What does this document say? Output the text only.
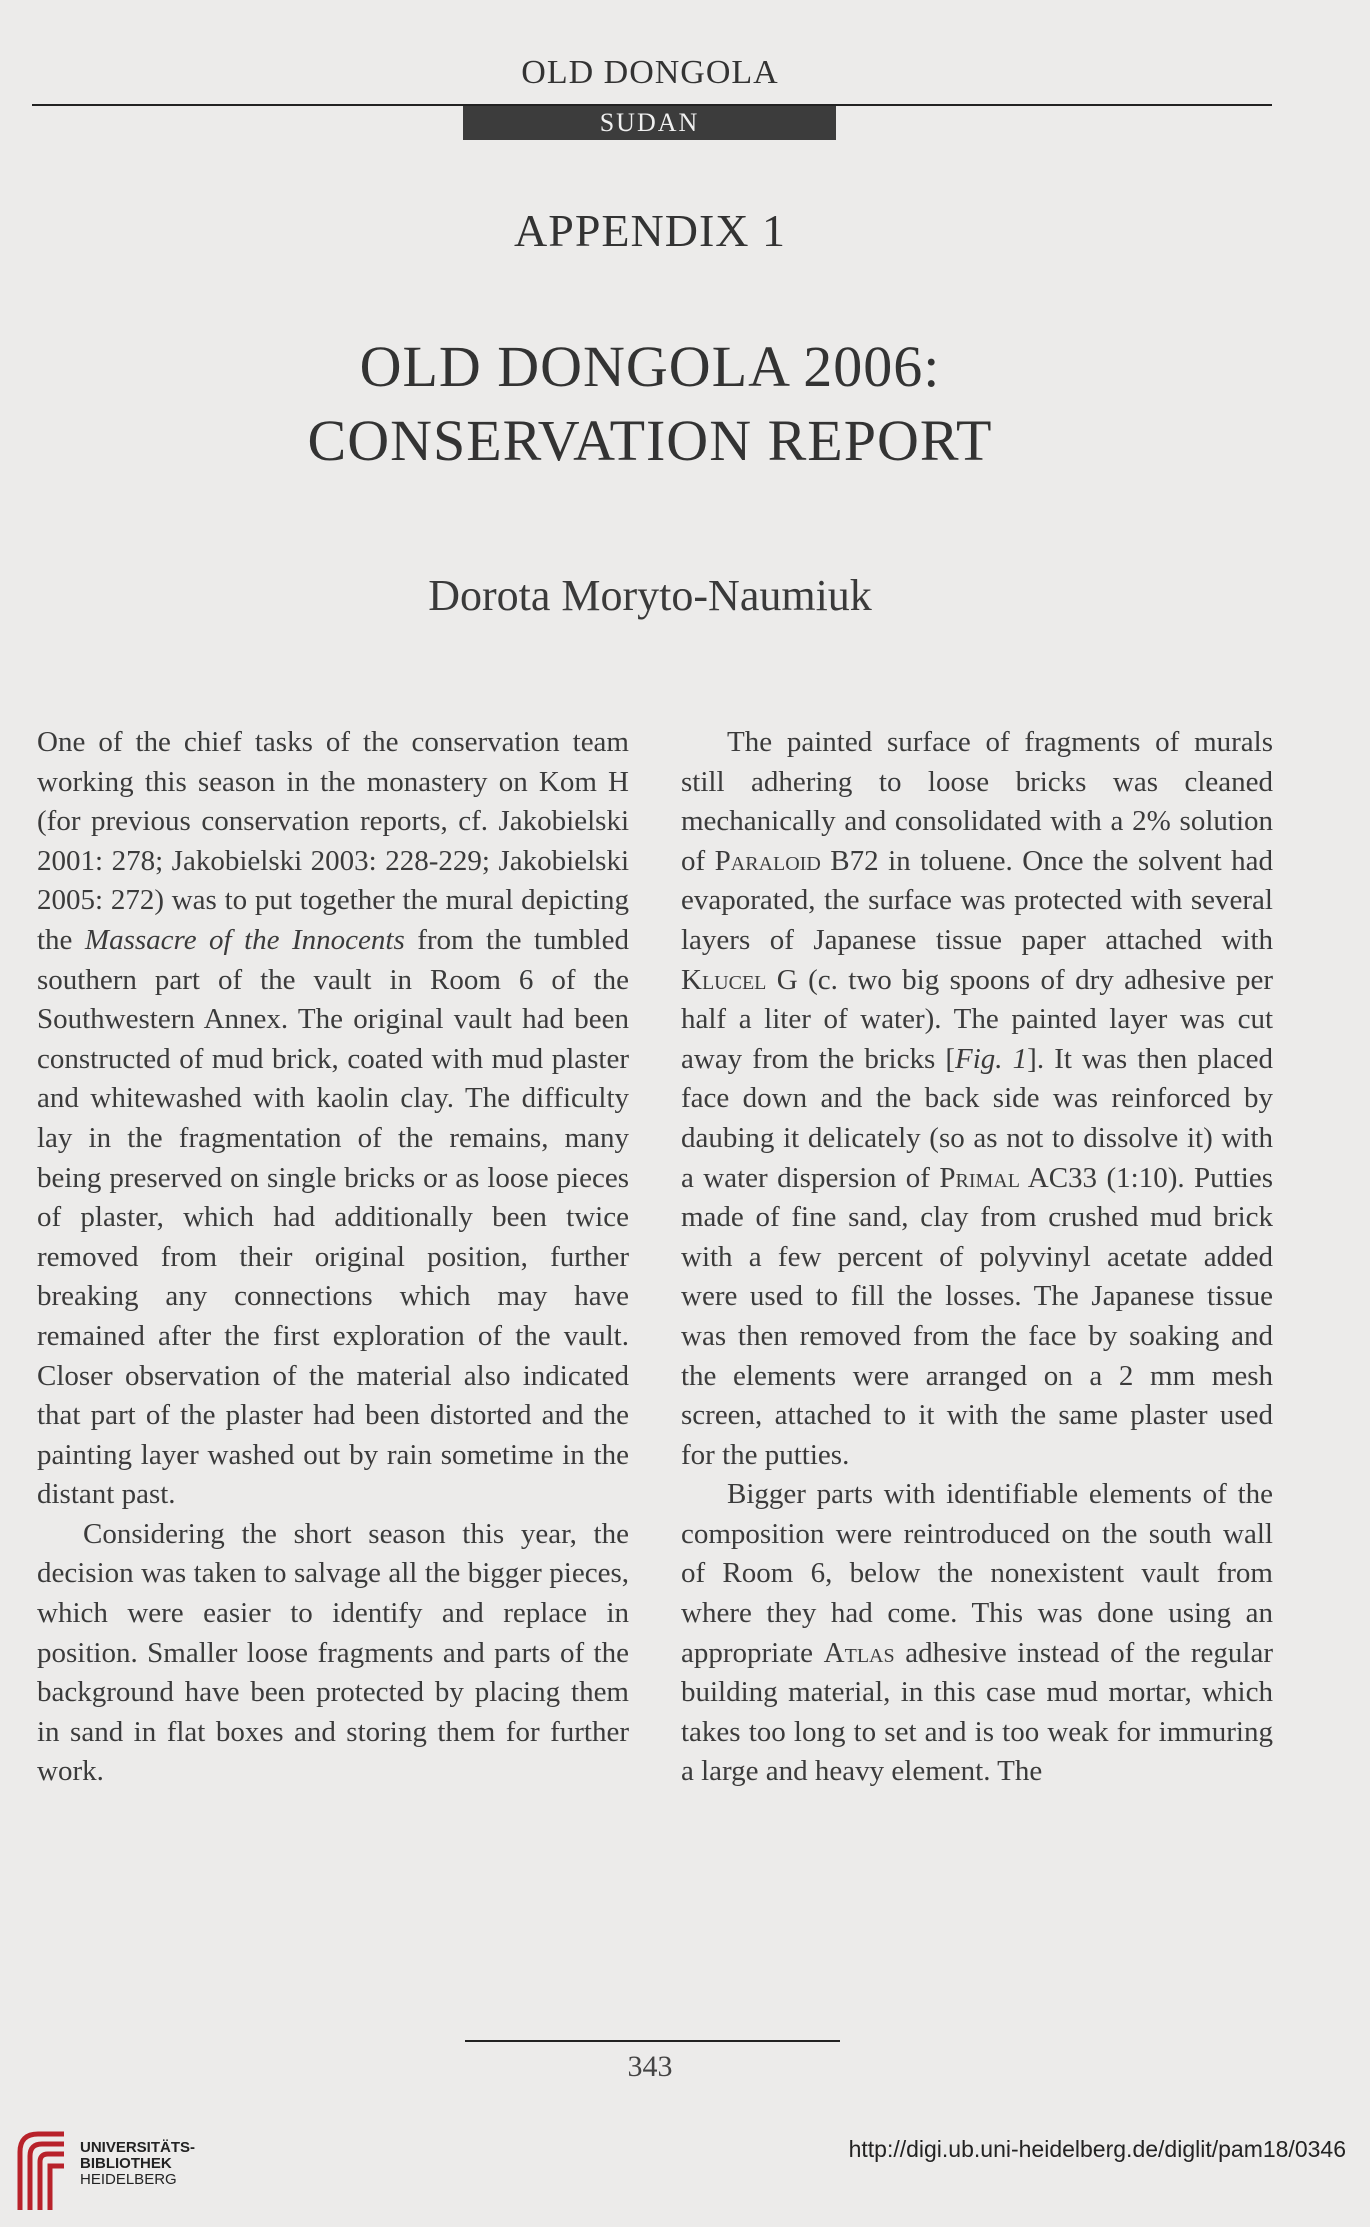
OLD DONGOLA
SUDAN
APPENDIX 1
OLD DONGOLA 2006:
CONSERVATION REPORT
Dorota Moryto-Naumiuk

One of the chief tasks of the conservation team working this season in the monastery on Kom H (for previous conservation reports, cf. Jakobielski 2001: 278; Jakobielski 2003: 228-229; Jakobielski 2005: 272) was to put together the mural depicting the Massacre of the Innocents from the tumbled southern part of the vault in Room 6 of the Southwestern Annex. The original vault had been constructed of mud brick, coated with mud plaster and whitewashed with kaolin clay. The difficulty lay in the fragmentation of the remains, many being preserved on single bricks or as loose pieces of plaster, which had additionally been twice removed from their original position, further breaking any connections which may have remained after the first exploration of the vault. Closer observation of the material also indicated that part of the plaster had been distorted and the painting layer washed out by rain sometime in the distant past.

Considering the short season this year, the decision was taken to salvage all the bigger pieces, which were easier to identify and replace in position. Smaller loose fragments and parts of the background have been protected by placing them in sand in flat boxes and storing them for further work.

The painted surface of fragments of murals still adhering to loose bricks was cleaned mechanically and consolidated with a 2% solution of Paraloid B72 in toluene. Once the solvent had evaporated, the surface was protected with several layers of Japanese tissue paper attached with Klucel G (c. two big spoons of dry adhesive per half a liter of water). The painted layer was cut away from the bricks [Fig. 1]. It was then placed face down and the back side was reinforced by daubing it delicately (so as not to dissolve it) with a water dispersion of Primal AC33 (1:10). Putties made of fine sand, clay from crushed mud brick with a few percent of polyvinyl acetate added were used to fill the losses. The Japanese tissue was then removed from the face by soaking and the elements were arranged on a 2 mm mesh screen, attached to it with the same plaster used for the putties.

Bigger parts with identifiable elements of the composition were reintroduced on the south wall of Room 6, below the nonexistent vault from where they had come. This was done using an appropriate Atlas adhesive instead of the regular building material, in this case mud mortar, which takes too long to set and is too weak for immuring a large and heavy element. The

343
UNIVERSITÄTS-
BIBLIOTHEK
HEIDELBERG
http://digi.ub.uni-heidelberg.de/diglit/pam18/0346
